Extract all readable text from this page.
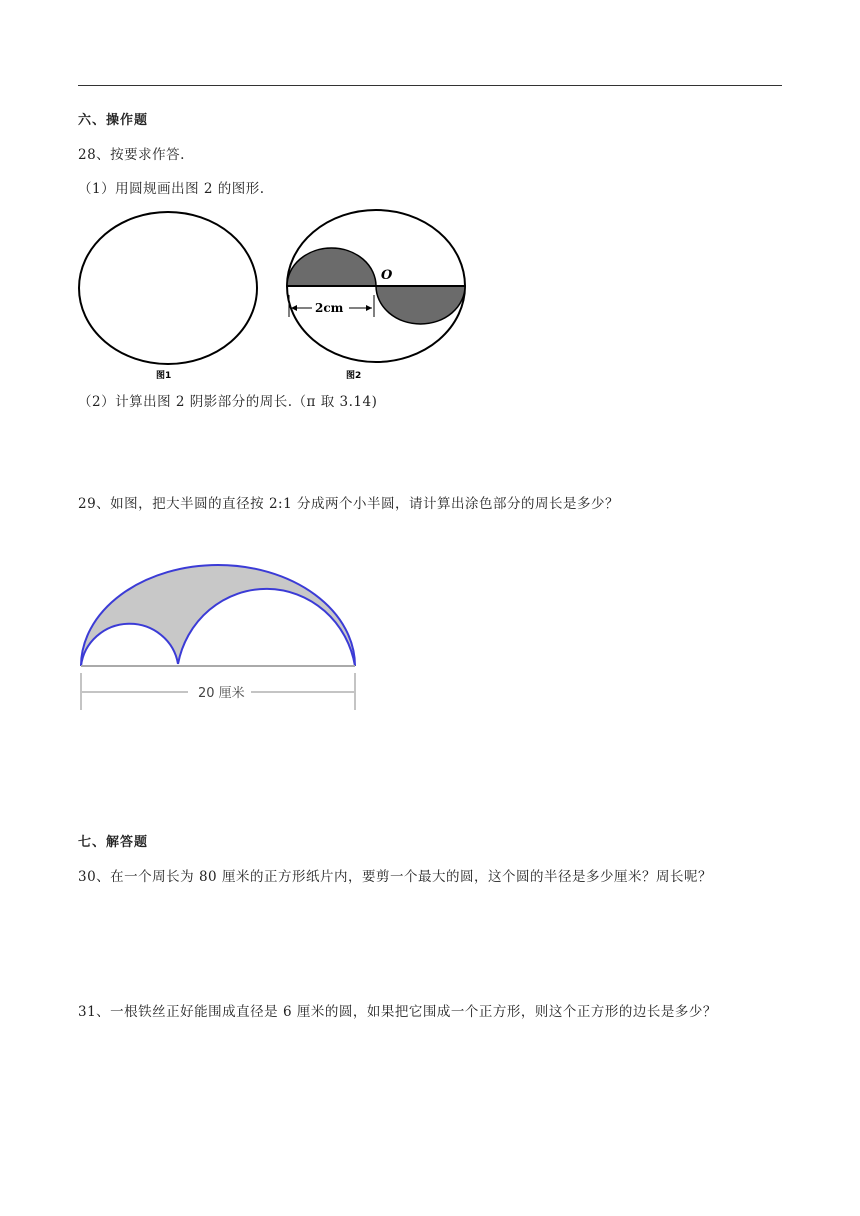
六、操作题
28、按要求作答.
（1）用圆规画出图 2 的图形.
图1
O
2cm
图2
（2）计算出图 2 阴影部分的周长.（π 取 3.14)
29、如图，把大半圆的直径按 2:1 分成两个小半圆，请计算出涂色部分的周长是多少？
20 厘米
七、解答题
30、在一个周长为 80 厘米的正方形纸片内，要剪一个最大的圆，这个圆的半径是多少厘米？周长呢？
31、一根铁丝正好能围成直径是 6 厘米的圆，如果把它围成一个正方形，则这个正方形的边长是多少？
